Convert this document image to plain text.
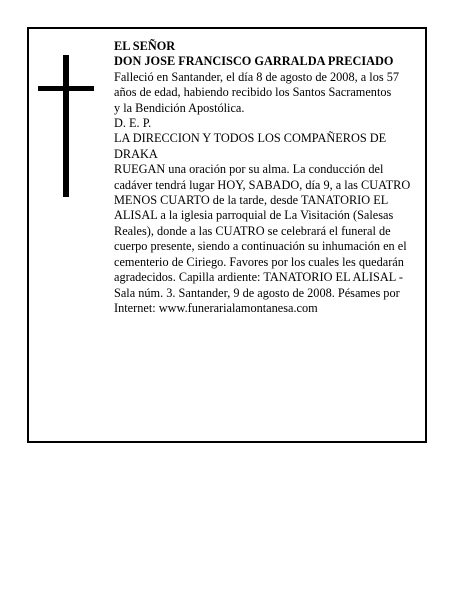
EL SEÑOR
DON JOSE FRANCISCO GARRALDA PRECIADO
Falleció en Santander, el día 8 de agosto de 2008, a los 57 años de edad, habiendo recibido los Santos Sacramentos
y la Bendición Apostólica.
D. E. P.
LA DIRECCION Y TODOS LOS COMPAÑEROS DE DRAKA
RUEGAN una oración por su alma. La conducción del cadáver tendrá lugar HOY, SABADO, día 9, a las CUATRO MENOS CUARTO de la tarde, desde TANATORIO EL ALISAL a la iglesia parroquial de La Visitación (Salesas Reales), donde a las CUATRO se celebrará el funeral de cuerpo presente, siendo a continuación su inhumación en el cementerio de Ciriego. Favores por los cuales les quedarán agradecidos. Capilla ardiente: TANATORIO EL ALISAL - Sala núm. 3. Santander, 9 de agosto de 2008. Pésames por Internet: www.funerarialamontanesa.com
